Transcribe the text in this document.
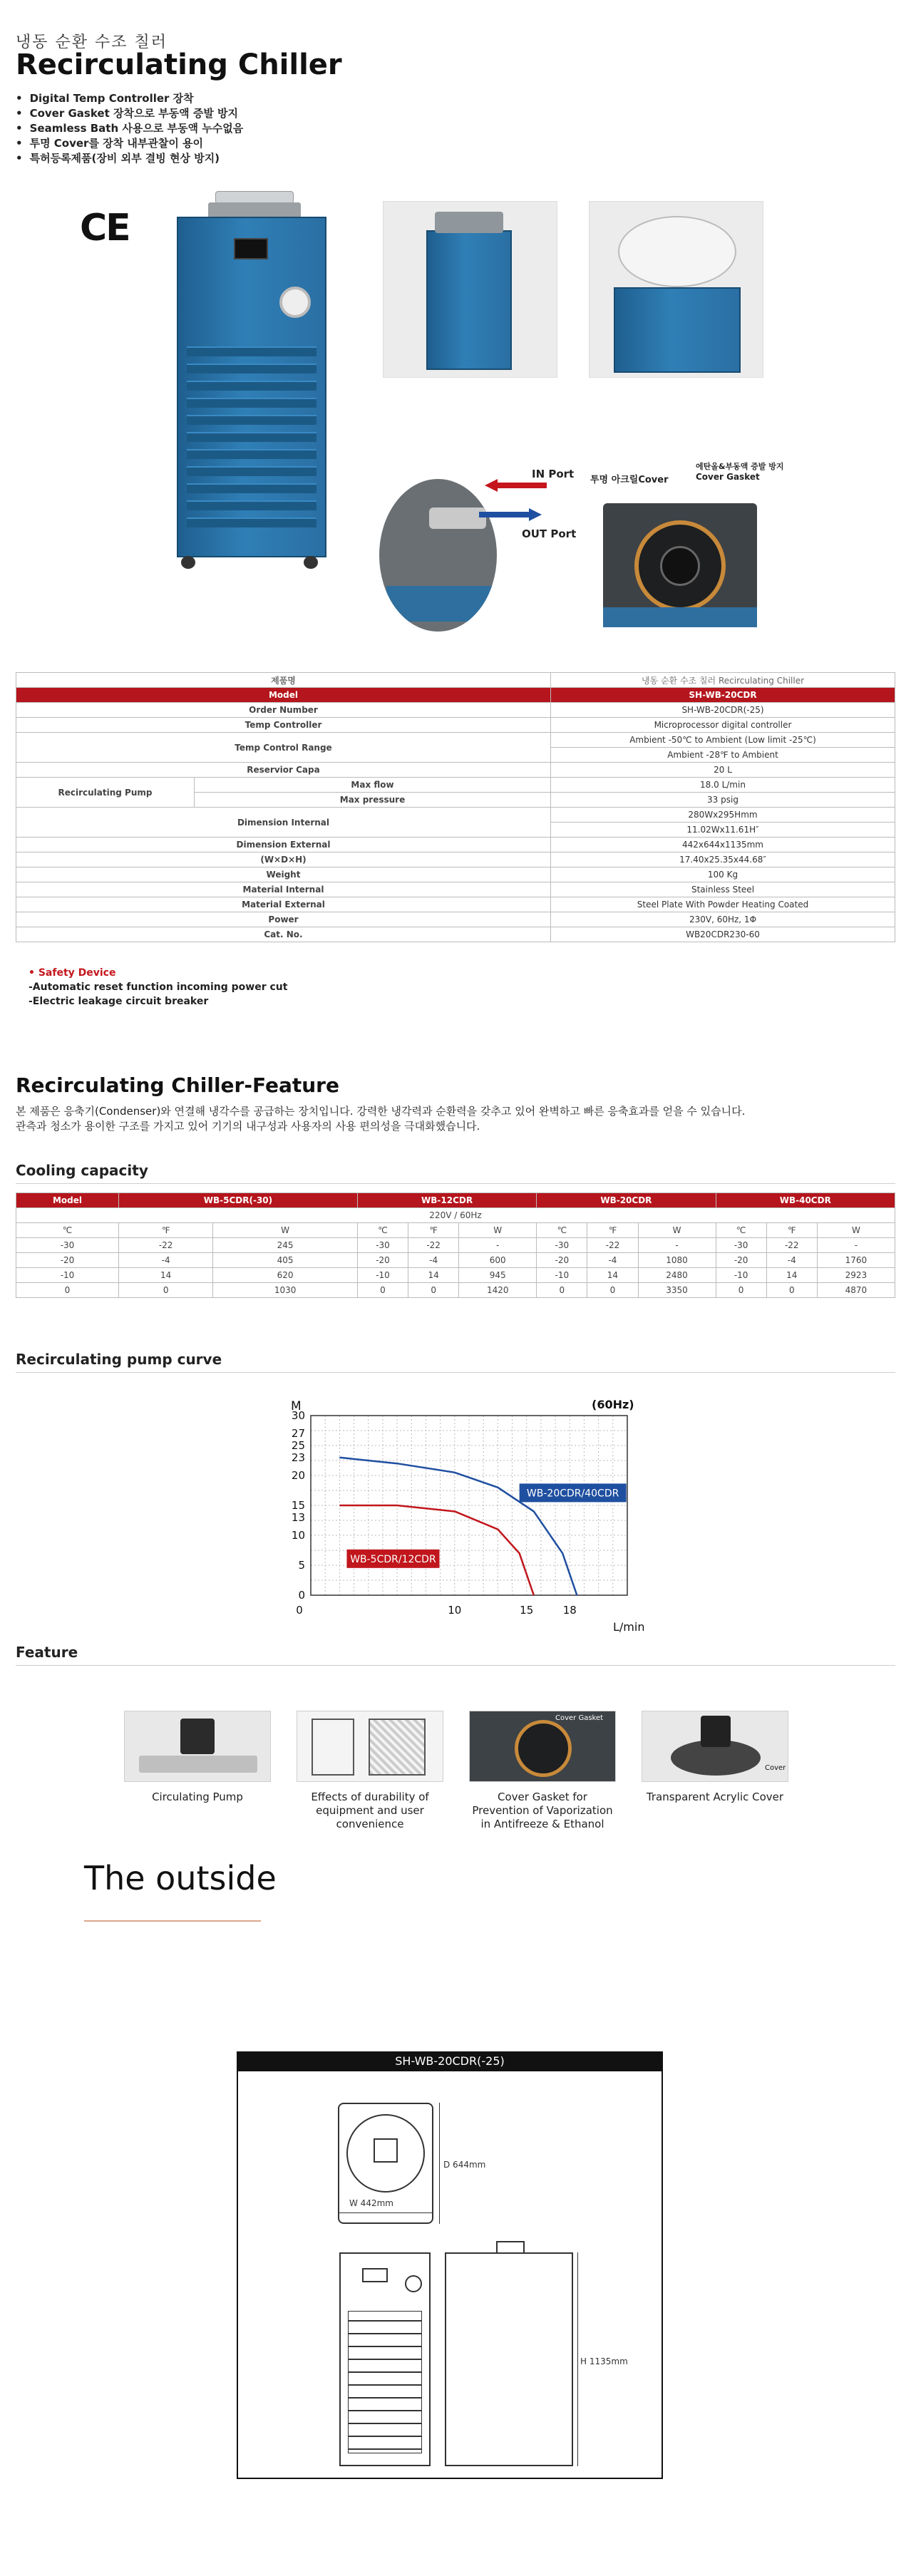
냉동 순환 수조 칠러
Recirculating Chiller
• Digital Temp Controller 장착
• Cover Gasket 장착으로 부동액 증발 방지
• Seamless Bath 사용으로 부동액 누수없음
• 투명 Cover를 장착 내부관찰이 용이
• 특허등록제품(장비 외부 결빙 현상 방지)
CE
IN Port
OUT Port
투명 아크릴Cover
에탄올&부동액 증발 방지
Cover Gasket
제품명		냉동 순환 수조 칠러 Recirculating Chiller
Model		SH-WB-20CDR
Order Number		SH-WB-20CDR(-25)
Temp Controller		Microprocessor digital controller
Temp Control Range		Ambient -50℃ to Ambient (Low limit -25℃)
		Ambient -28℉ to Ambient
Reservior Capa		20 L
Recirculating Pump	Max flow	18.0 L/min
	Max pressure	33 psig
Dimension Internal		280Wx295Hmm
		11.02Wx11.61H″
Dimension External		442x644x1135mm
(W×D×H)		17.40x25.35x44.68″
Weight		100 Kg
Material Internal		Stainless Steel
Material External		Steel Plate With Powder Heating Coated
Power		230V, 60Hz, 1Φ
Cat. No.		WB20CDR230-60
• Safety Device
-Automatic reset function incoming power cut
-Electric leakage circuit breaker
Recirculating Chiller-Feature
본 제품은 응축기(Condenser)와 연결해 냉각수를 공급하는 장치입니다. 강력한 냉각력과 순환력을 갖추고 있어 완벽하고 빠른 응축효과를 얻을 수 있습니다.
관측과 청소가 용이한 구조를 가지고 있어 기기의 내구성과 사용자의 사용 편의성을 극대화했습니다.
Cooling capacity
Model	WB-5CDR(-30)		WB-12CDR			WB-20CDR			WB-40CDR		
220V / 60Hz											
℃	℉	W	℃	℉	W	℃	℉	W	℃	℉	W
-30	-22	245	-30	-22	-	-30	-22	-	-30	-22	-
-20	-4	405	-20	-4	600	-20	-4	1080	-20	-4	1760
-10	14	620	-10	14	945	-10	14	2480	-10	14	2923
0	0	1030	0	0	1420	0	0	3350	0	0	4870
Recirculating pump curve
30
27
25
23
20
15
13
10
5
0
0	10	15	18
M
L/min
(60Hz)
WB-5CDR/12CDR
WB-20CDR/40CDR
Feature
Circulating Pump	Effects of durability of equipment and user convenience
Cover Gasket
Cover Gasket for Prevention of Vaporization in Antifreeze & Ethanol
Cover
Transparent Acrylic Cover
The outside
SH-WB-20CDR(-25)
D 644mm
W 442mm
H 1135mm
